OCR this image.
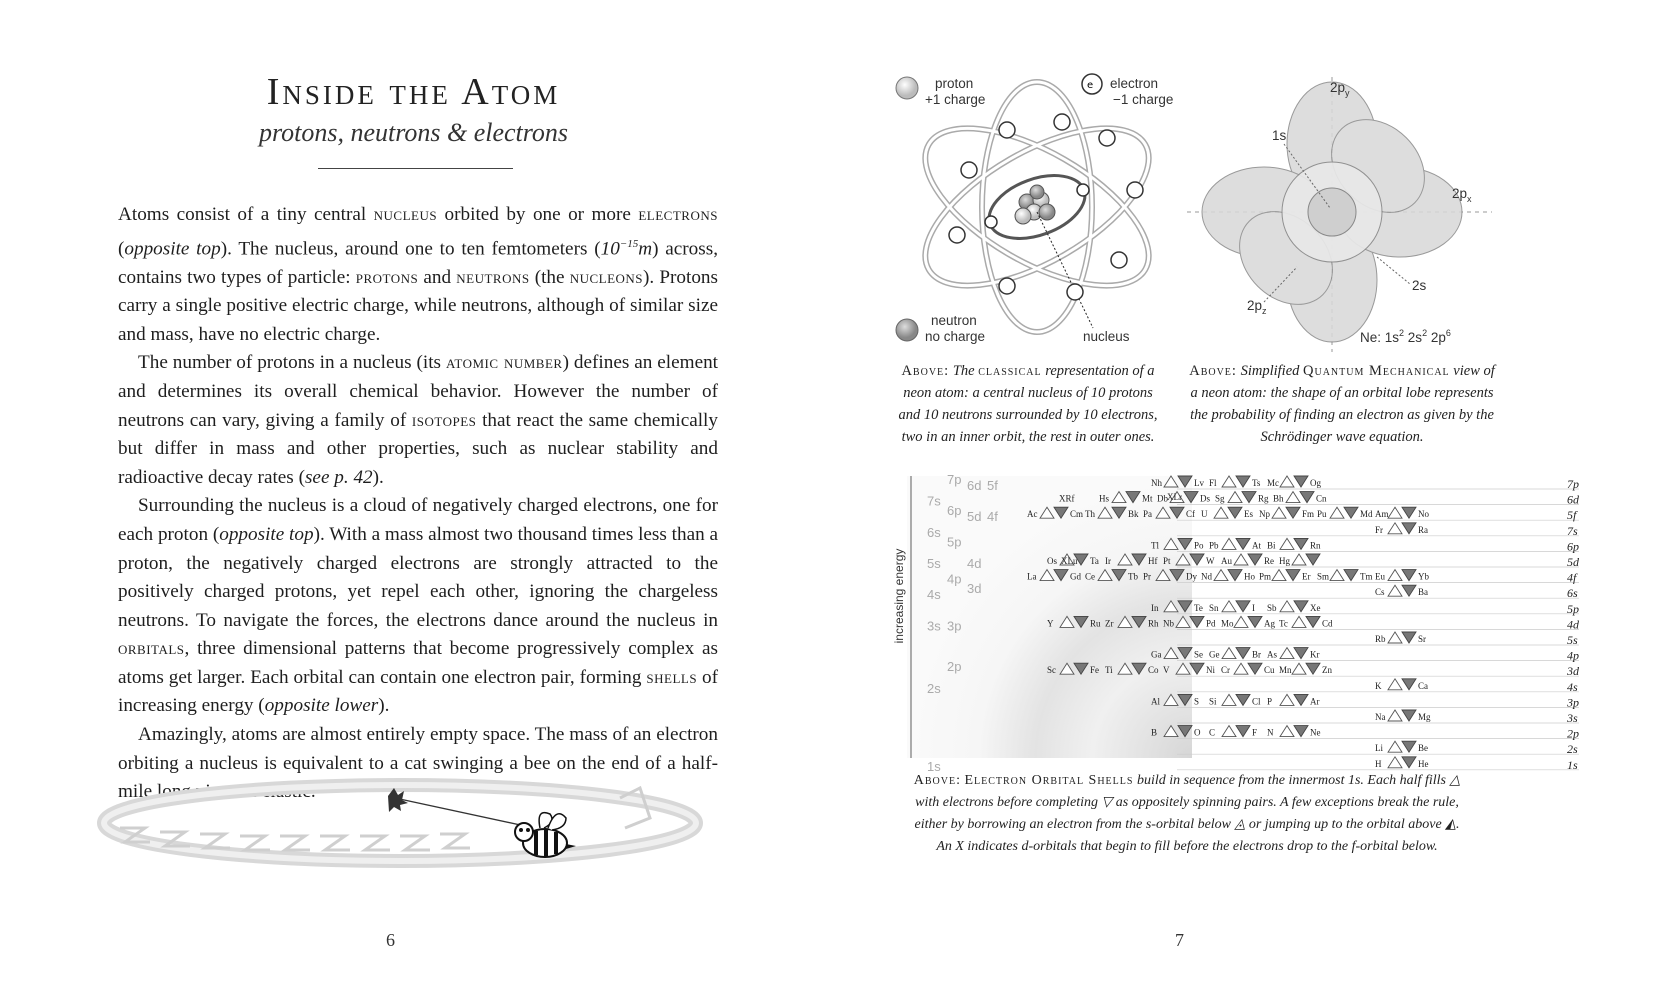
Inside the Atom
protons, neutrons & electrons

Atoms consist of a tiny central nucleus orbited by one or more electrons (opposite top). The nucleus, around one to ten femtometers $(10^{-15}m)$ across, contains two types of particle: protons and neutrons (the nucleons). Protons carry a single positive electric charge, while neutrons, although of similar size and mass, have no electric charge.

The number of protons in a nucleus (its atomic number) defines an element and determines its overall chemical behavior. However the number of neutrons can vary, giving a family of isotopes that react the same chemically but differ in mass and other properties, such as nuclear stability and radioactive decay rates (see p. 42).

Surrounding the nucleus is a cloud of negatively charged electrons, one for each proton (opposite top). With a mass almost two thousand times less than a proton, the negatively charged electrons are strongly attracted to the positively charged protons, yet repel each other, ignoring the chargeless neutrons. To navigate the forces, the electrons dance around the nucleus in orbitals, three dimensional patterns that become progressively complex as atoms get larger. Each orbital can contain one electron pair, forming shells of increasing energy (opposite lower).

Amazingly, atoms are almost entirely empty space. The mass of an electron orbiting a nucleus is equivalent to a cat swinging a bee on the end of a half-mile long piece of elastic.

6
proton
+1 charge
e electron
−1 charge
neutron
no charge	nucleus
$2p_y$
1s
$2p_x$
2s
$2p_z$
Ne: $1s^2$ $2s^2$ $2p^6$
Above: The classical representation of a neon atom: a central nucleus of 10 protons and 10 neutrons surrounded by 10 electrons, two in an inner orbit, the rest in outer ones.
Above: Simplified Quantum Mechanical view of a neon atom: the shape of an orbital lobe represents the probability of finding an electron as given by the Schrödinger wave equation.
increasing energy
7s
7p 6d 5f
6s
6p 5d 4f
5s
5p
4d
4s
4p
3d
3s 3p
2s
2p
1s
Nh	Lv Fl	Ts Mc	Og	7p
Hs	Mt Db	Ds Sg	Rg Bh	Cn	6d
Ac	Cm Th	Bk Pa	Cf U	Es Np	Fm Pu	Md Am	No	5f
Fr	Ra	7s
Tl	Po Pb	At Bi	Rn	6p
Os	Ta Ir	Hf Pt	W Au	Re Hg	5d
La	Gd Ce	Tb Pr	Dy Nd	Ho Pm	Er Sm	Tm Eu	Yb	4f
Cs	Ba	6s
In	Te Sn	I Sb	Xe	5p
Y	Ru Zr	Rh Nb	Pd Mo	Ag Tc	Cd	4d
Rb	Sr	5s
Ga	Se Ge	Br As	Kr	4p
Sc	Fe Ti	Co V	Ni Cr	Cu Mn	Zn	3d
K	Ca	4s
Al	S Si	Cl P	Ar	3p
Na	Mg	3s
B	O C	F N	Ne	2p
Li	Be	2s
H	He	1s
XLr
XRf
XLu
Above: Electron Orbital Shells build in sequence from the innermost 1s. Each half fills △ with electrons before completing ▽ as oppositely spinning pairs. A few exceptions break the rule, either by borrowing an electron from the s-orbital below ◬ or jumping up to the orbital above ◭. An X indicates d-orbitals that begin to fill before the electrons drop to the f-orbital below.
7
